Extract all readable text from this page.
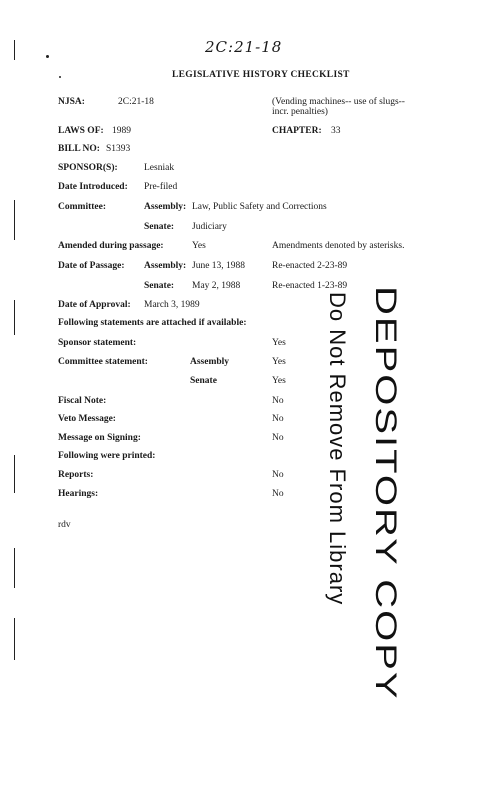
2C:21-18
LEGISLATIVE HISTORY CHECKLIST
NJSA:	2C:21-18	(Vending machines-- use of slugs--
incr. penalties)
LAWS OF: 1989	CHAPTER: 33
BILL NO: S1393
SPONSOR(S):	Lesniak
Date Introduced: Pre-filed
Committee:	Assembly: Law, Public Safety and Corrections
Senate: Judiciary
Amended during passage:	Yes	Amendments denoted by asterisks.
Date of Passage: Assembly: June 13, 1988	Re-enacted 2-23-89
Senate: May 2, 1988	Re-enacted 1-23-89
Date of Approval: March 3, 1989
Following statements are attached if available:
Sponsor statement:	Yes
Committee statement:	Assembly	Yes
Senate	Yes
Fiscal Note:	No
Veto Message:	No
Message on Signing:	No
Following were printed:
Reports:	No
Hearings:	No
rdv	DEPOSITORY COPY
Do Not Remove From Library
